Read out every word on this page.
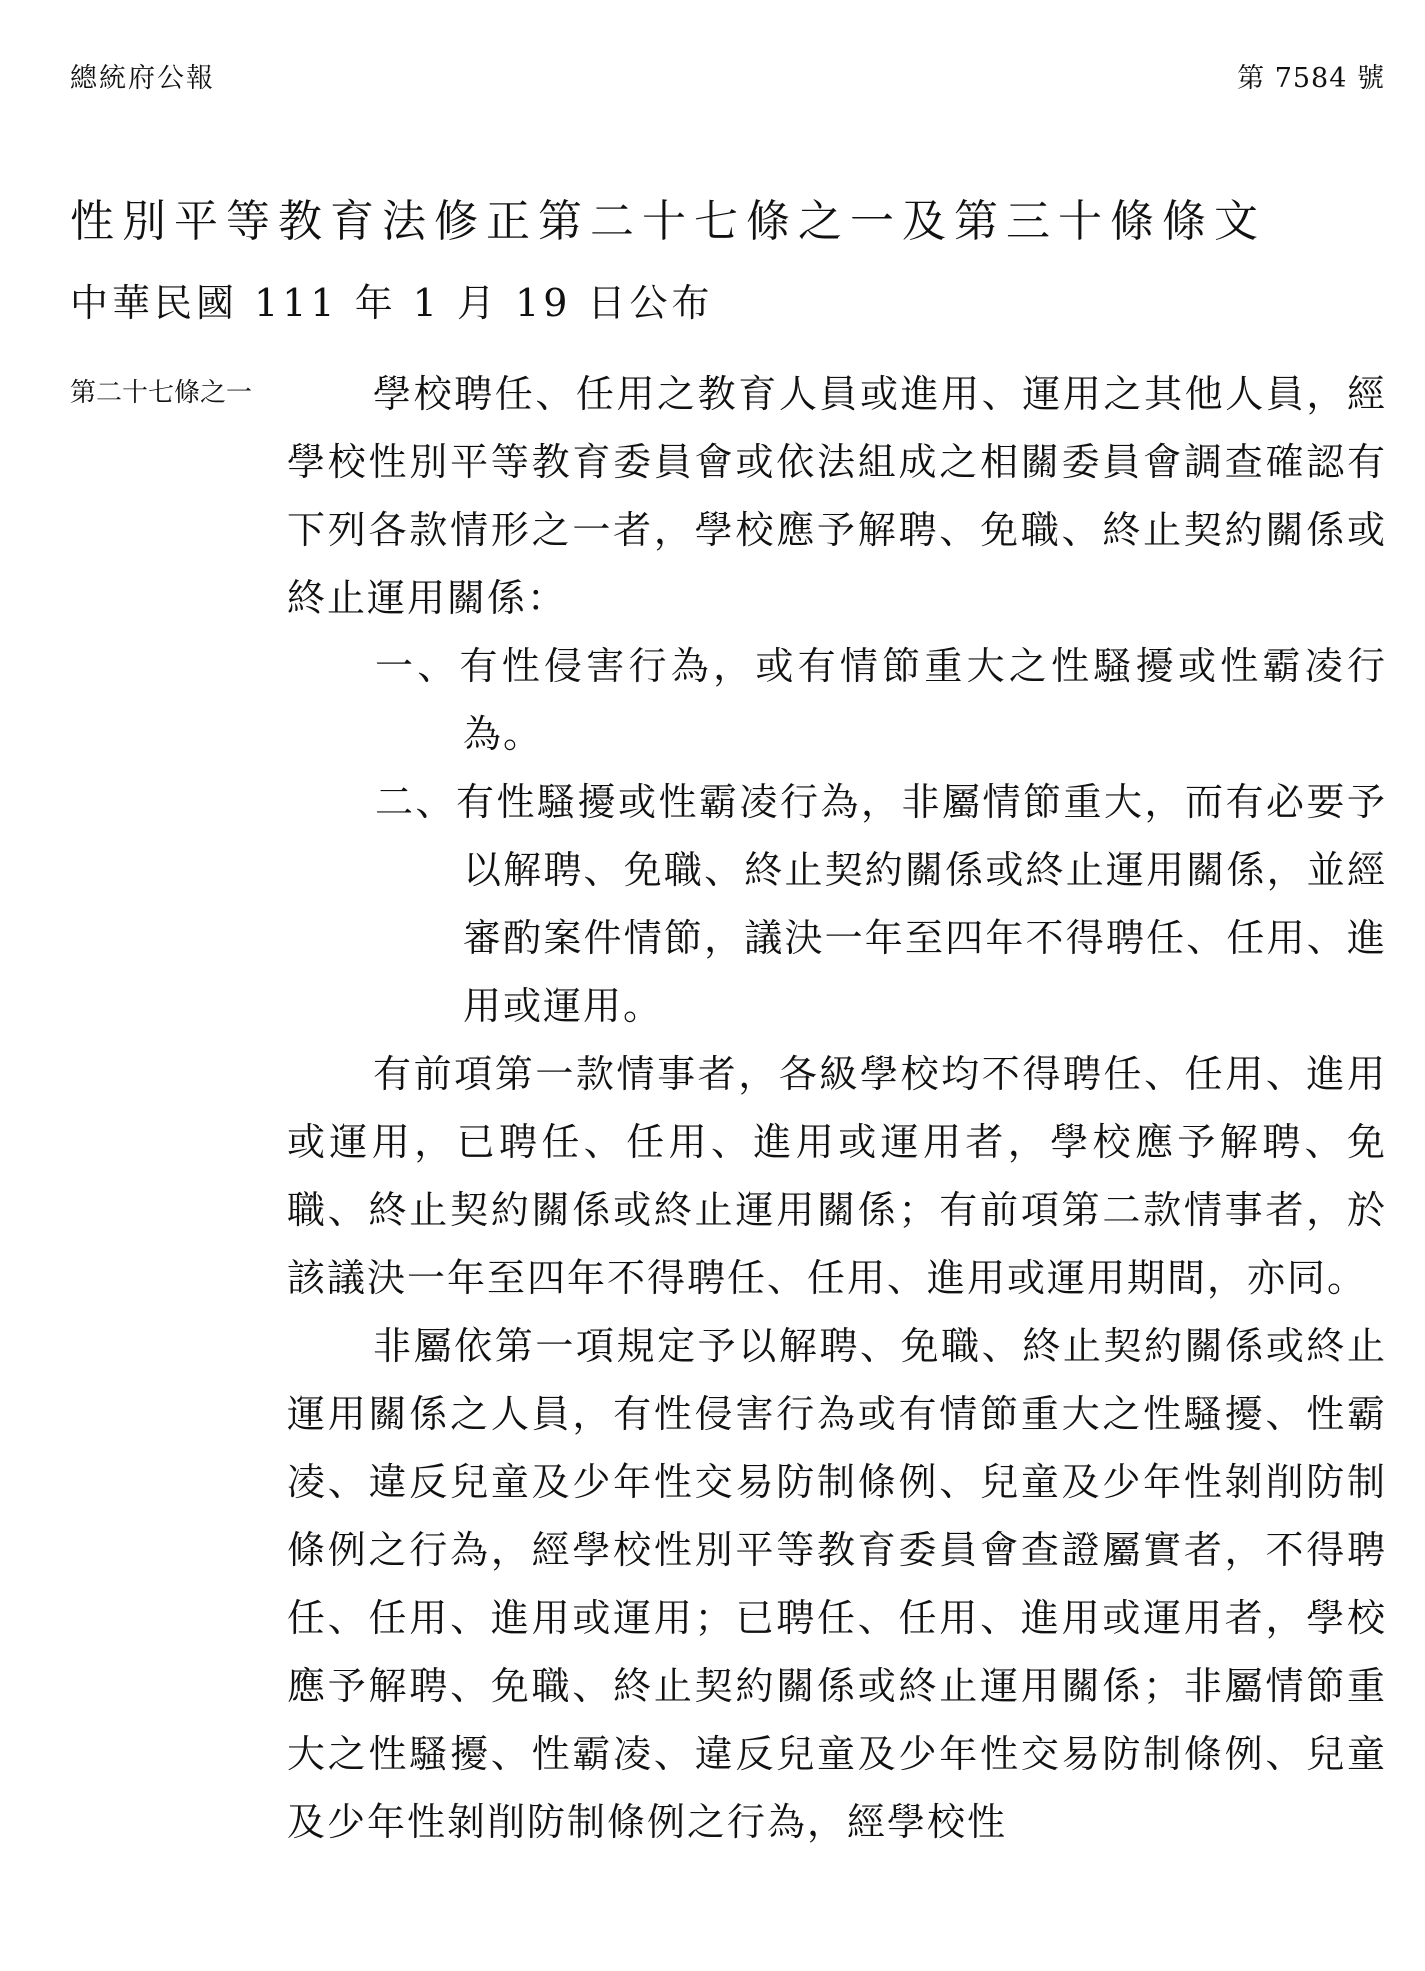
總統府公報	第 7584 號
性別平等教育法修正第二十七條之一及第三十條條文
中華民國 111 年 1 月 19 日公布
第二十七條之一	學校聘任、任用之教育人員或進用、運用之其他人員，經學校性別平等教育委員會或依法組成之相關委員會調查確認有下列各款情形之一者，學校應予解聘、免職、終止契約關係或終止運用關係：

一、有性侵害行為，或有情節重大之性騷擾或性霸凌行為。

二、有性騷擾或性霸凌行為，非屬情節重大，而有必要予以解聘、免職、終止契約關係或終止運用關係，並經審酌案件情節，議決一年至四年不得聘任、任用、進用或運用。

有前項第一款情事者，各級學校均不得聘任、任用、進用或運用，已聘任、任用、進用或運用者，學校應予解聘、免職、終止契約關係或終止運用關係；有前項第二款情事者，於該議決一年至四年不得聘任、任用、進用或運用期間，亦同。

非屬依第一項規定予以解聘、免職、終止契約關係或終止運用關係之人員，有性侵害行為或有情節重大之性騷擾、性霸凌、違反兒童及少年性交易防制條例、兒童及少年性剝削防制條例之行為，經學校性別平等教育委員會查證屬實者，不得聘任、任用、進用或運用；已聘任、任用、進用或運用者，學校應予解聘、免職、終止契約關係或終止運用關係；非屬情節重大之性騷擾、性霸凌、違反兒童及少年性交易防制條例、兒童及少年性剝削防制條例之行為，經學校性
